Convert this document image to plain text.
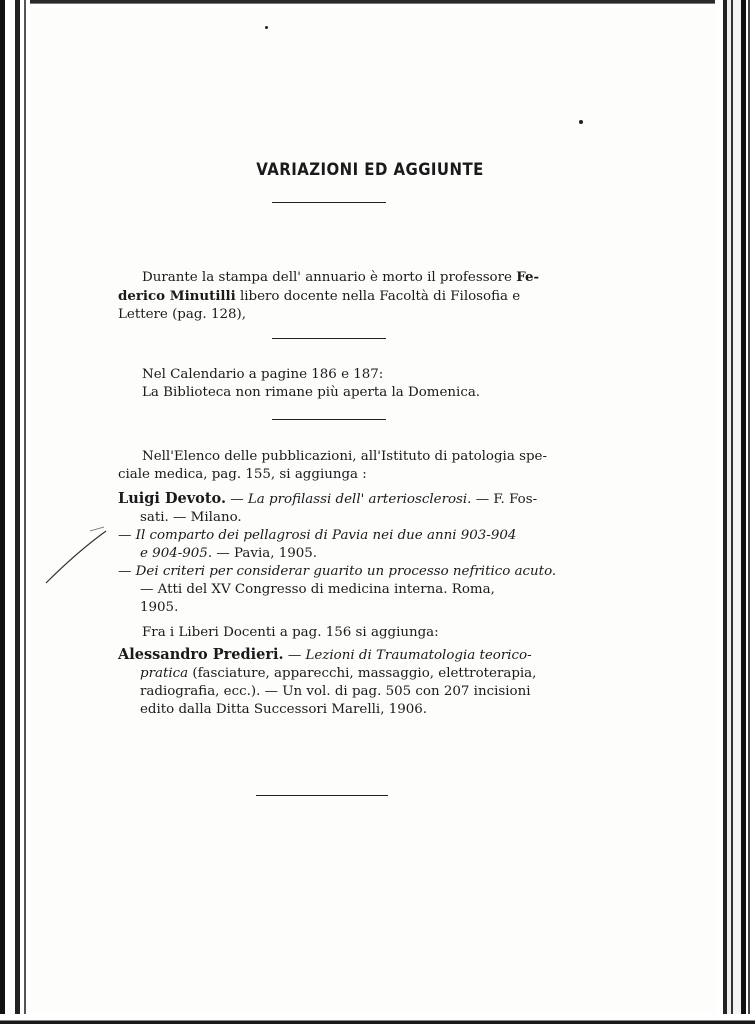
VARIAZIONI ED AGGIUNTE
Durante la stampa dell' annuario è morto il professore Fe-
derico Minutilli libero docente nella Facoltà di Filosofia e
Lettere (pag. 128),
Nel Calendario a pagine 186 e 187:
La Biblioteca non rimane più aperta la Domenica.
Nell'Elenco delle pubblicazioni, all'Istituto di patologia spe-
ciale medica, pag. 155, si aggiunga :
Luigi Devoto. — La profilassi dell' arteriosclerosi. — F. Fos-
sati. — Milano.
— Il comparto dei pellagrosi di Pavia nei due anni 903-904
e 904-905. — Pavia, 1905.
— Dei criteri per considerar guarito un processo nefritico acuto.
— Atti del XV Congresso di medicina interna. Roma,
1905.
Fra i Liberi Docenti a pag. 156 si aggiunga:
Alessandro Predieri. — Lezioni di Traumatologia teorico-
pratica (fasciature, apparecchi, massaggio, elettroterapia,
radiografia, ecc.). — Un vol. di pag. 505 con 207 incisioni
edito dalla Ditta Successori Marelli, 1906.
